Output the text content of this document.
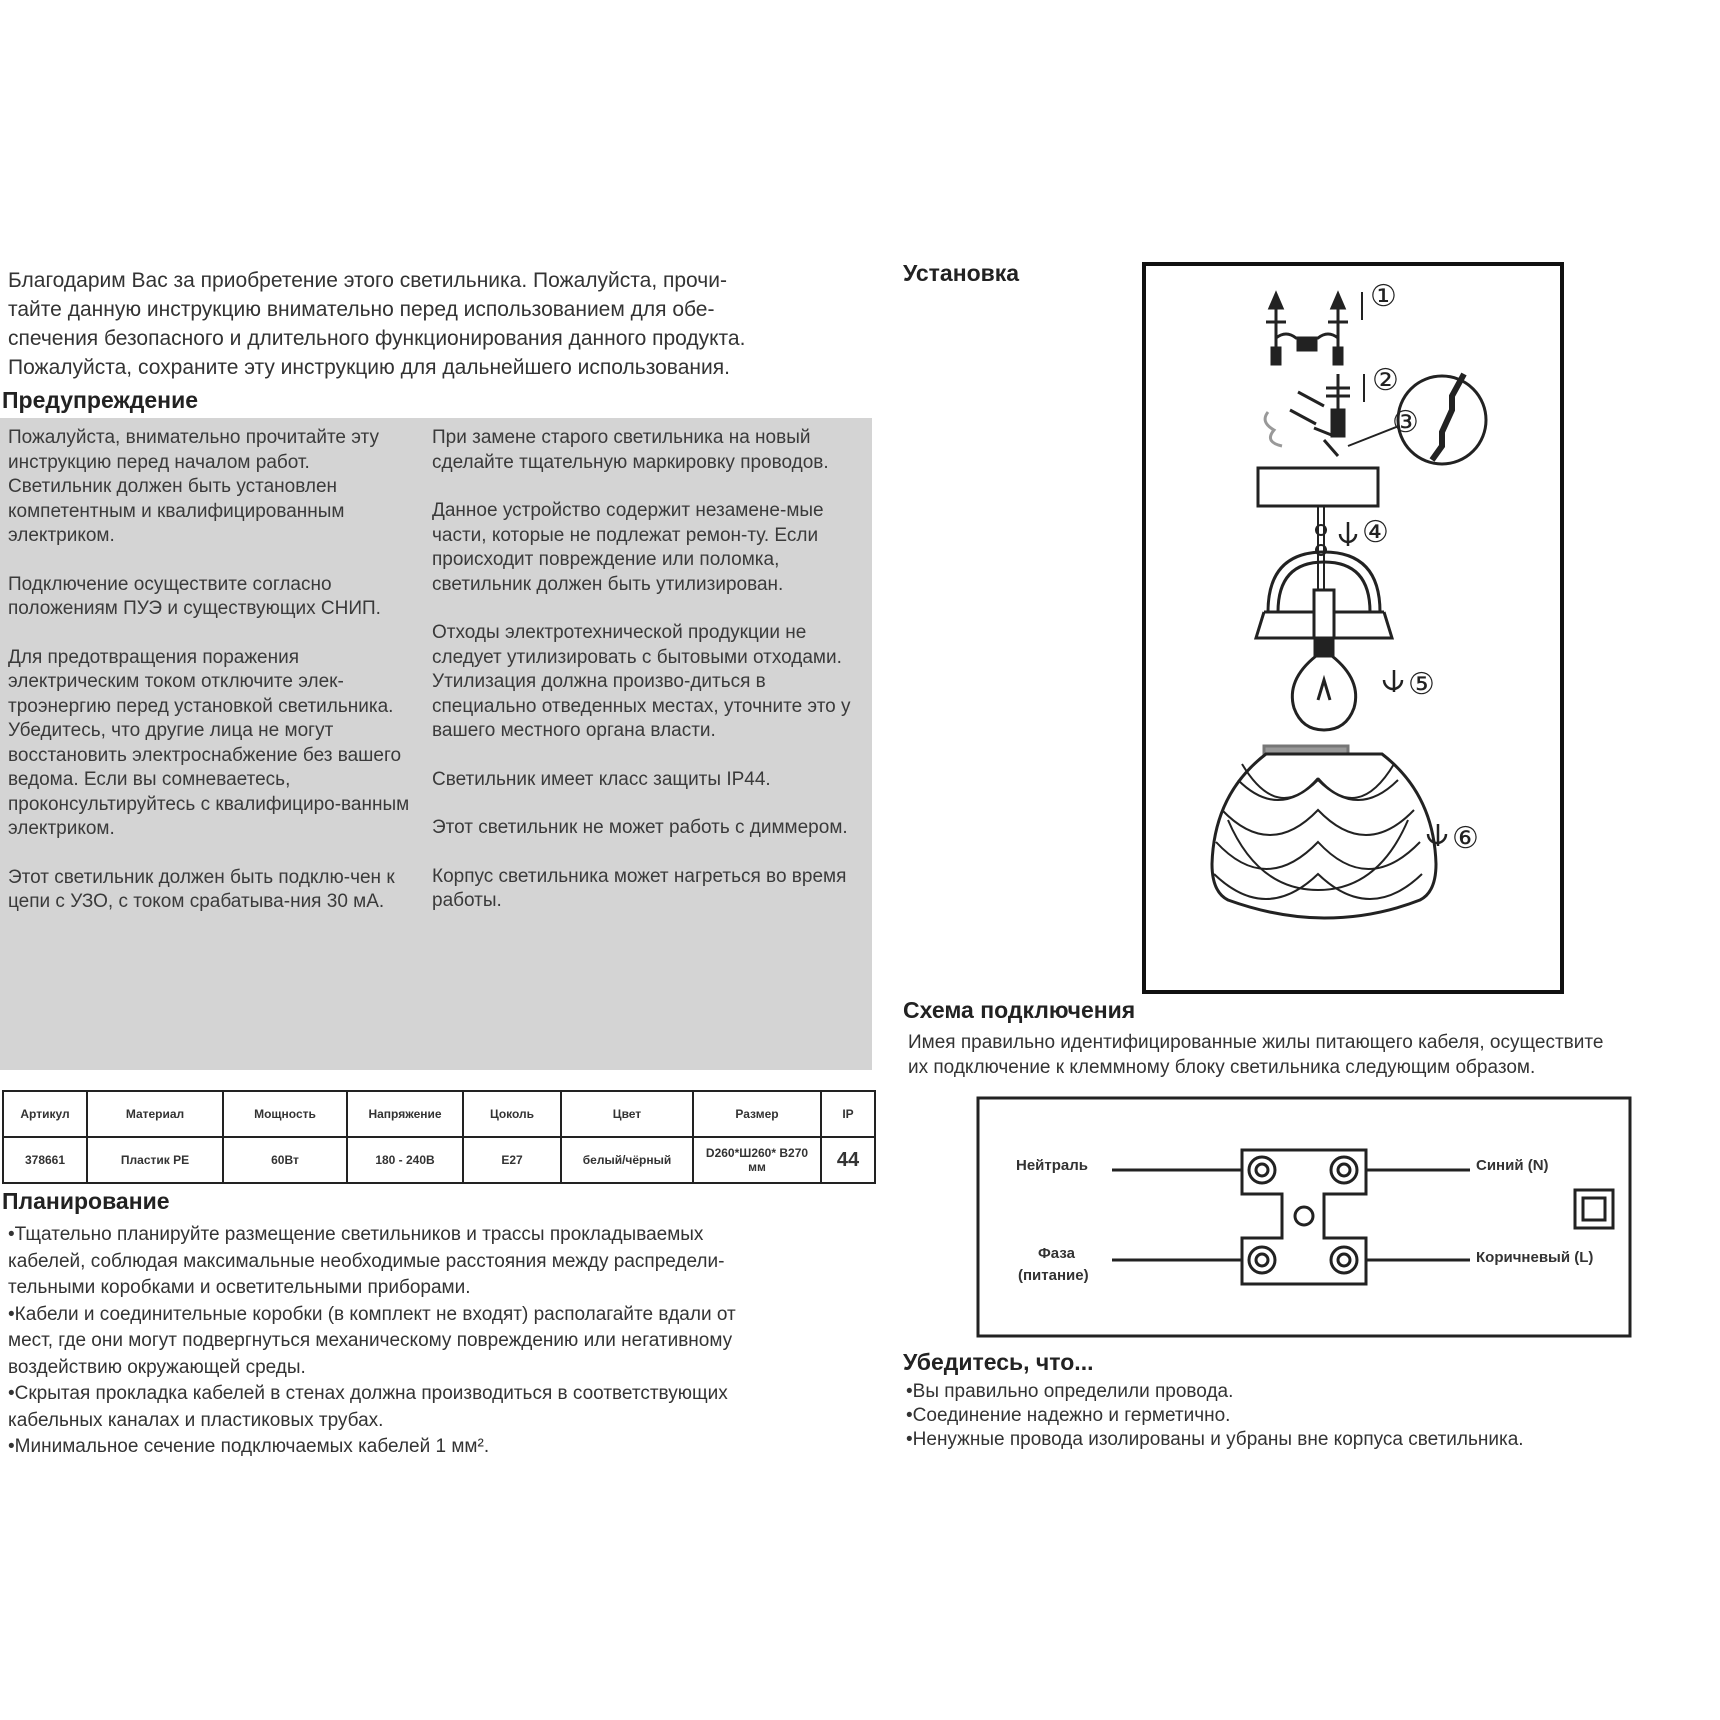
Благодарим Вас за приобретение этого светильника. Пожалуйста, прочи-
тайте данную инструкцию внимательно перед использованием для обе-
спечения безопасного и длительного функционирования данного продукта.
Пожалуйста, сохраните эту инструкцию для дальнейшего использования.
Предупреждение

Пожалуйста, внимательно прочитайте эту инструкцию перед началом работ. Светильник должен быть установлен компетентным и квалифицированным электриком.

Подключение осуществите согласно положениям ПУЭ и существующих СНИП.

Для предотвращения поражения электрическим током отключите элек-троэнергию перед установкой светильника. Убедитесь, что другие лица не могут восстановить электроснабжение без вашего ведома. Если вы сомневаетесь, проконсультируйтесь с квалифициро-ванным электриком.

Этот светильник должен быть подклю-чен к цепи с УЗО, с током срабатыва-ния 30 мА.

При замене старого светильника на новый сделайте тщательную маркировку проводов.

Данное устройство содержит незамене-мые части, которые не подлежат ремон-ту. Если происходит повреждение или поломка, светильник должен быть утилизирован.

Отходы электротехнической продукции не следует утилизировать с бытовыми отходами. Утилизация должна произво-диться в специально отведенных местах, уточните это у вашего местного органа власти.

Светильник имеет класс защиты IP44.

Этот светильник не может работь с диммером.

Корпус светильника может нагреться во время работы.

Артикул	Материал	Мощность	Напряжение	Цоколь	Цвет	Размер	IP
378661	Пластик PE	60Вт	180 - 240В	E27	белый/чёрный	D260*Ш260* В270 мм	44
Планирование
•Тщательно планируйте размещение светильников и трассы прокладываемых
кабелей, соблюдая максимальные необходимые расстояния между распредели-
тельными коробками и осветительными приборами.
•Кабели и соединительные коробки (в комплект не входят) располагайте вдали от
мест, где они могут подвергнуться механическому повреждению или негативному
воздействию окружающей среды.
•Скрытая прокладка кабелей в стенах должна производиться в соответствующих
кабельных каналах и пластиковых трубах.
•Минимальное сечение подключаемых кабелей 1 мм².
Установка
①
②
③
④
⑤
⑥
Схема подключения
Имея правильно идентифицированные жилы питающего кабеля, осуществите
их подключение к клеммному блоку светильника следующим образом.
Нейтраль
Фаза
(питание)
Синий (N)
Коричневый (L)
Убедитесь, что...
•Вы правильно определили провода.
•Соединение надежно и герметично.
•Ненужные провода изолированы и убраны вне корпуса светильника.
